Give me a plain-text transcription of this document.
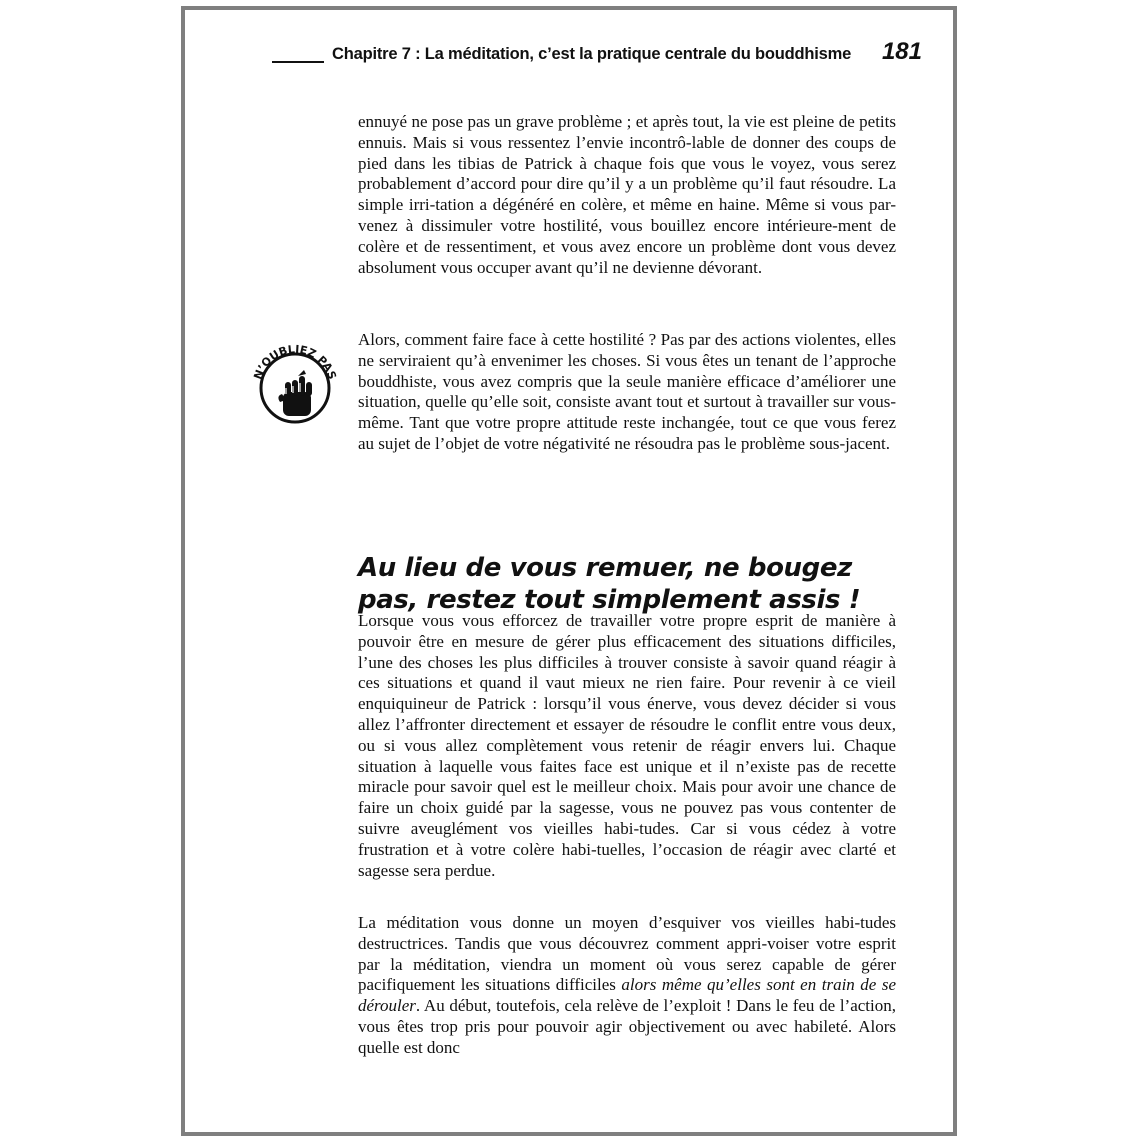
Chapitre 7 : La méditation, c’est la pratique centrale du bouddhisme 181

ennuyé ne pose pas un grave problème ; et après tout, la vie est pleine de petits ennuis. Mais si vous ressentez l’envie incontrô-lable de donner des coups de pied dans les tibias de Patrick à chaque fois que vous le voyez, vous serez probablement d’accord pour dire qu’il y a un problème qu’il faut résoudre. La simple irri-tation a dégénéré en colère, et même en haine. Même si vous par-venez à dissimuler votre hostilité, vous bouillez encore intérieure-ment de colère et de ressentiment, et vous avez encore un problème dont vous devez absolument vous occuper avant qu’il ne devienne dévorant.

N’OUBLIEZ PAS

Alors, comment faire face à cette hostilité ? Pas par des actions violentes, elles ne serviraient qu’à envenimer les choses. Si vous êtes un tenant de l’approche bouddhiste, vous avez compris que la seule manière efficace d’améliorer une situation, quelle qu’elle soit, consiste avant tout et surtout à travailler sur vous-même. Tant que votre propre attitude reste inchangée, tout ce que vous ferez au sujet de l’objet de votre négativité ne résoudra pas le problème sous-jacent.

Au lieu de vous remuer, ne bougez pas, restez tout simplement assis !

Lorsque vous vous efforcez de travailler votre propre esprit de manière à pouvoir être en mesure de gérer plus efficacement des situations difficiles, l’une des choses les plus difficiles à trouver consiste à savoir quand réagir à ces situations et quand il vaut mieux ne rien faire. Pour revenir à ce vieil enquiquineur de Patrick : lorsqu’il vous énerve, vous devez décider si vous allez l’affronter directement et essayer de résoudre le conflit entre vous deux, ou si vous allez complètement vous retenir de réagir envers lui. Chaque situation à laquelle vous faites face est unique et il n’existe pas de recette miracle pour savoir quel est le meilleur choix. Mais pour avoir une chance de faire un choix guidé par la sagesse, vous ne pouvez pas vous contenter de suivre aveuglément vos vieilles habi-tudes. Car si vous cédez à votre frustration et à votre colère habi-tuelles, l’occasion de réagir avec clarté et sagesse sera perdue.

La méditation vous donne un moyen d’esquiver vos vieilles habi-tudes destructrices. Tandis que vous découvrez comment appri-voiser votre esprit par la méditation, viendra un moment où vous serez capable de gérer pacifiquement les situations difficiles alors même qu’elles sont en train de se dérouler. Au début, toutefois, cela relève de l’exploit ! Dans le feu de l’action, vous êtes trop pris pour pouvoir agir objectivement ou avec habileté. Alors quelle est donc
